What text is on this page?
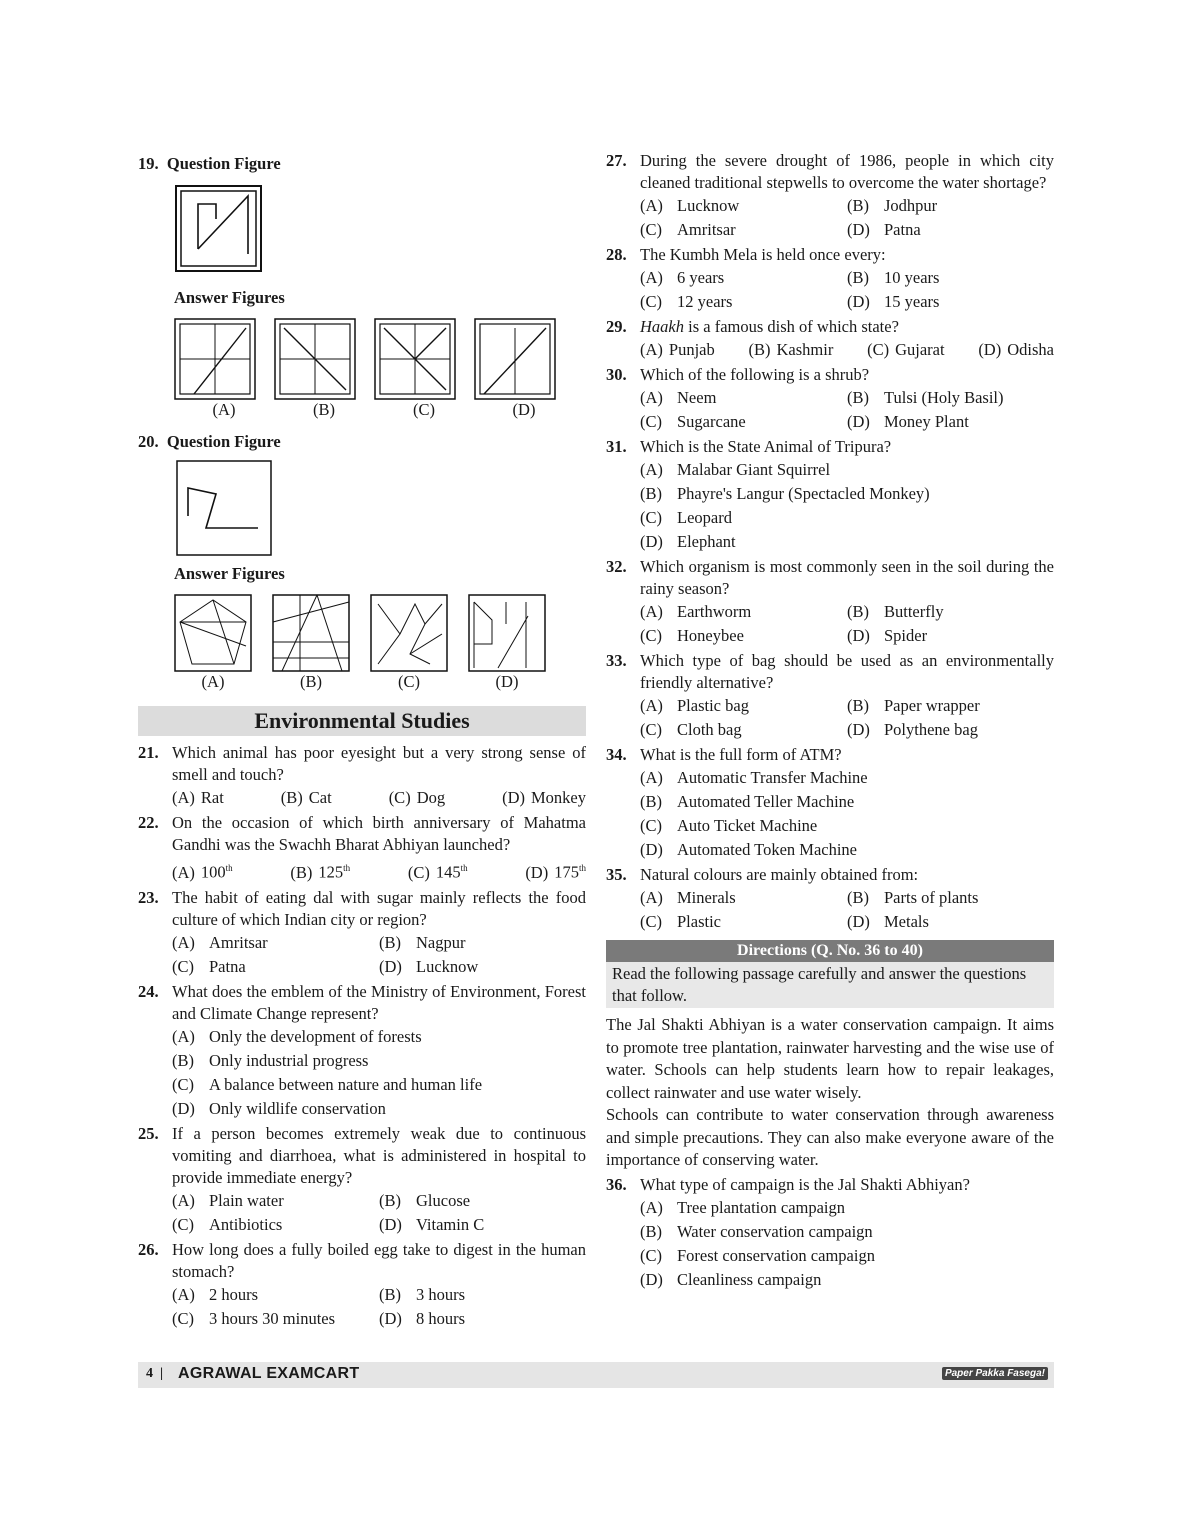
19. Question Figure
Answer Figures
(A)	(B)	(C)	(D)
20. Question Figure
Answer Figures
(A)	(B)	(C)	(D)
Environmental Studies
21. Which animal has poor eyesight but a very strong sense of smell and touch?
(A) Rat	(B) Cat	(C) Dog	(D) Monkey
22. On the occasion of which birth anniversary of Mahatma Gandhi was the Swachh Bharat Abhiyan launched?
(A) 100th	(B) 125th	(C) 145th	(D) 175th
23. The habit of eating dal with sugar mainly reflects the food culture of which Indian city or region?
(A) Amritsar	(B) Nagpur
(C) Patna	(D) Lucknow
24. What does the emblem of the Ministry of Environment, Forest and Climate Change represent?
(A) Only the development of forests
(B) Only industrial progress
(C) A balance between nature and human life
(D) Only wildlife conservation
25. If a person becomes extremely weak due to continuous vomiting and diarrhoea, what is administered in hospital to provide immediate energy?
(A) Plain water	(B) Glucose
(C) Antibiotics	(D) Vitamin C
26. How long does a fully boiled egg take to digest in the human stomach?
(A) 2 hours	(B) 3 hours
(C) 3 hours 30 minutes	(D) 8 hours
27. During the severe drought of 1986, people in which city cleaned traditional stepwells to overcome the water shortage?
(A) Lucknow	(B) Jodhpur
(C) Amritsar	(D) Patna
28. The Kumbh Mela is held once every:
(A) 6 years	(B) 10 years
(C) 12 years	(D) 15 years
29. Haakh is a famous dish of which state?
(A) Punjab (B) Kashmir (C) Gujarat (D) Odisha
30. Which of the following is a shrub?
(A) Neem	(B) Tulsi (Holy Basil)
(C) Sugarcane	(D) Money Plant
31. Which is the State Animal of Tripura?
(A) Malabar Giant Squirrel
(B) Phayre's Langur (Spectacled Monkey)
(C) Leopard
(D) Elephant
32. Which organism is most commonly seen in the soil during the rainy season?
(A) Earthworm	(B) Butterfly
(C) Honeybee	(D) Spider
33. Which type of bag should be used as an environmentally friendly alternative?
(A) Plastic bag	(B) Paper wrapper
(C) Cloth bag	(D) Polythene bag
34. What is the full form of ATM?
(A) Automatic Transfer Machine
(B) Automated Teller Machine
(C) Auto Ticket Machine
(D) Automated Token Machine
35. Natural colours are mainly obtained from:
(A) Minerals	(B) Parts of plants
(C) Plastic	(D) Metals
Directions (Q. No. 36 to 40)
Read the following passage carefully and answer the questions that follow.
The Jal Shakti Abhiyan is a water conservation campaign. It aims to promote tree plantation, rainwater harvesting and the wise use of water. Schools can help students learn how to repair leakages, collect rainwater and use water wisely.
Schools can contribute to water conservation through awareness and simple precautions. They can also make everyone aware of the importance of conserving water.
36. What type of campaign is the Jal Shakti Abhiyan?
(A) Tree plantation campaign
(B) Water conservation campaign
(C) Forest conservation campaign
(D) Cleanliness campaign
4 | AGRAWAL EXAMCART	Paper Pakka Fasega!
